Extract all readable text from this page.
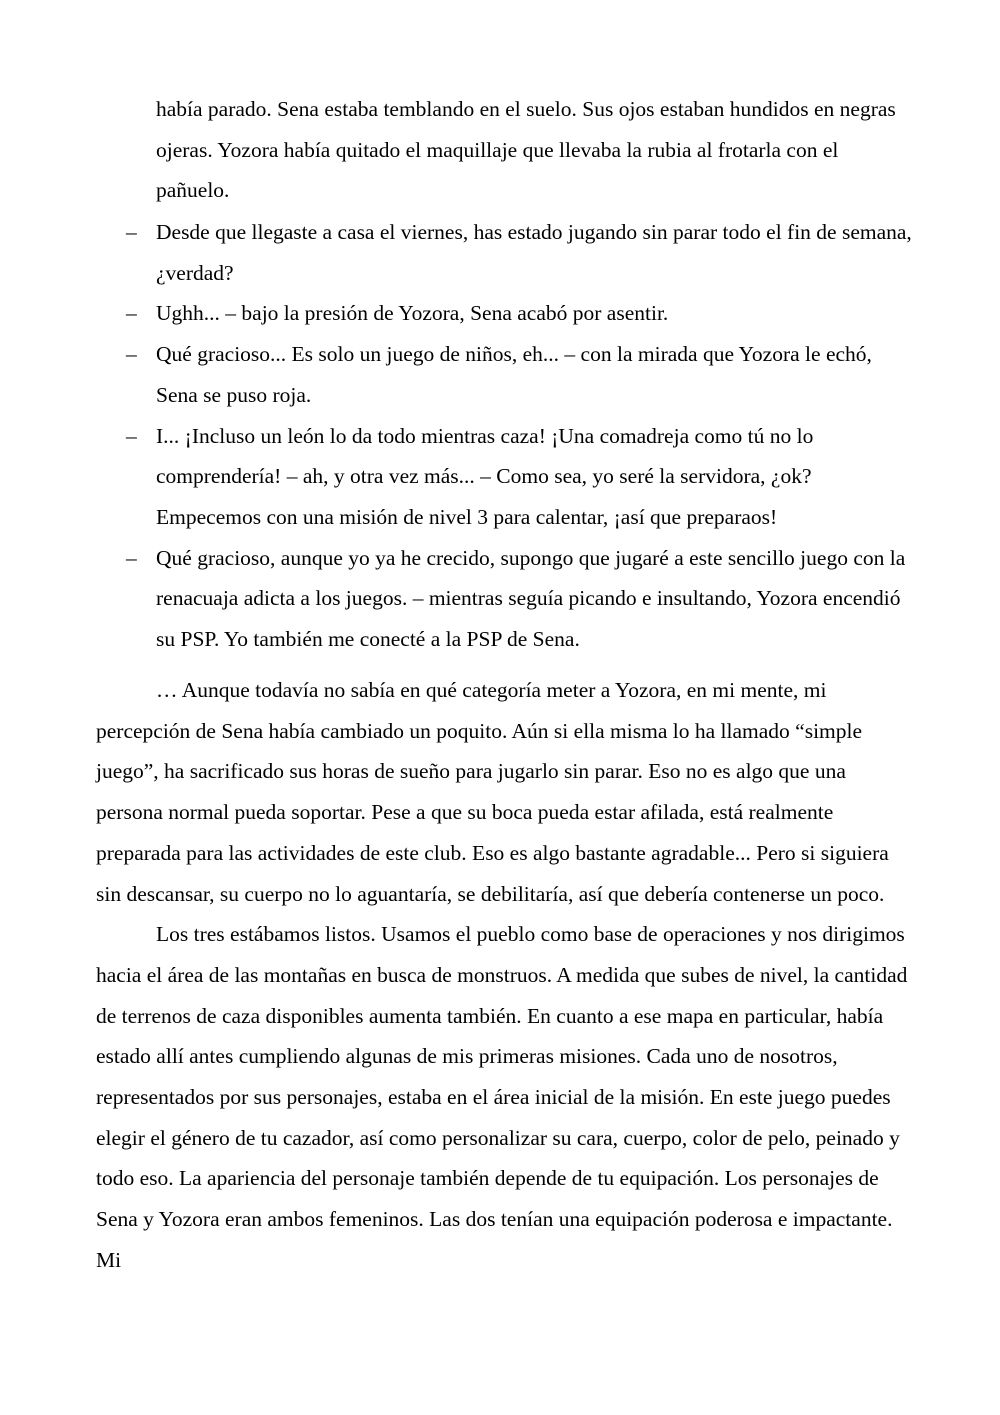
había parado. Sena estaba temblando en el suelo. Sus ojos estaban hundidos en negras ojeras. Yozora había quitado el maquillaje que llevaba la rubia al frotarla con el pañuelo.
– Desde que llegaste a casa el viernes, has estado jugando sin parar todo el fin de semana, ¿verdad?
– Ughh... – bajo la presión de Yozora, Sena acabó por asentir.
– Qué gracioso... Es solo un juego de niños, eh... – con la mirada que Yozora le echó, Sena se puso roja.
– I... ¡Incluso un león lo da todo mientras caza! ¡Una comadreja como tú no lo comprendería! – ah, y otra vez más... – Como sea, yo seré la servidora, ¿ok? Empecemos con una misión de nivel 3 para calentar, ¡así que preparaos!
– Qué gracioso, aunque yo ya he crecido, supongo que jugaré a este sencillo juego con la renacuaja adicta a los juegos. – mientras seguía picando e insultando, Yozora encendió su PSP. Yo también me conecté a la PSP de Sena.

… Aunque todavía no sabía en qué categoría meter a Yozora, en mi mente, mi percepción de Sena había cambiado un poquito. Aún si ella misma lo ha llamado “simple juego”, ha sacrificado sus horas de sueño para jugarlo sin parar. Eso no es algo que una persona normal pueda soportar. Pese a que su boca pueda estar afilada, está realmente preparada para las actividades de este club. Eso es algo bastante agradable... Pero si siguiera sin descansar, su cuerpo no lo aguantaría, se debilitaría, así que debería contenerse un poco.

Los tres estábamos listos. Usamos el pueblo como base de operaciones y nos dirigimos hacia el área de las montañas en busca de monstruos. A medida que subes de nivel, la cantidad de terrenos de caza disponibles aumenta también. En cuanto a ese mapa en particular, había estado allí antes cumpliendo algunas de mis primeras misiones. Cada uno de nosotros, representados por sus personajes, estaba en el área inicial de la misión. En este juego puedes elegir el género de tu cazador, así como personalizar su cara, cuerpo, color de pelo, peinado y todo eso. La apariencia del personaje también depende de tu equipación. Los personajes de Sena y Yozora eran ambos femeninos. Las dos tenían una equipación poderosa e impactante. Mi
